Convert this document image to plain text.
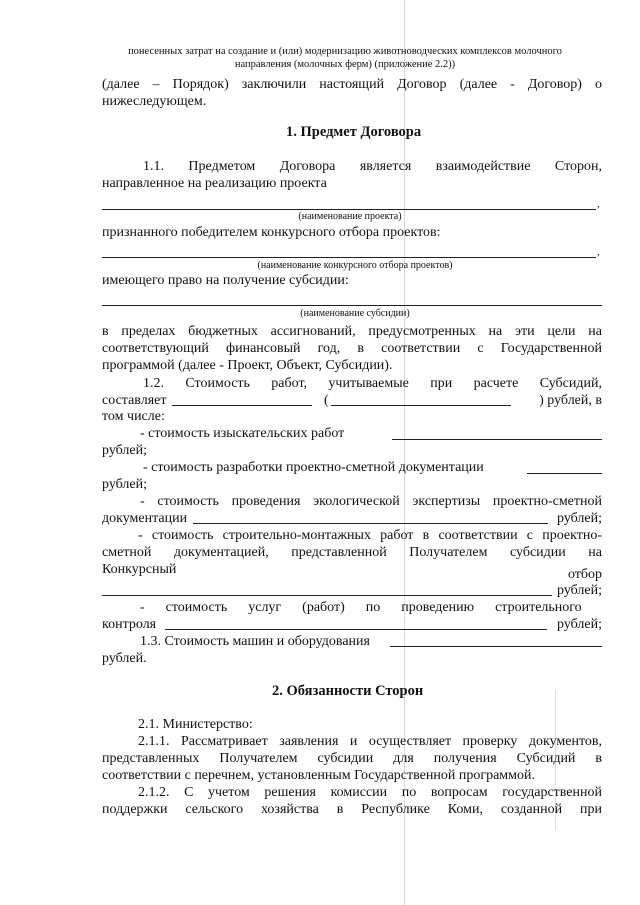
понесенных затрат на создание и (или) модернизацию животноводческих комплексов молочного
направления (молочных ферм) (приложение 2.2))
(далее – Порядок) заключили настоящий Договор (далее - Договор) о
нижеследующем.
1. Предмет Договора
1.1. Предметом Договора является взаимодействие Сторон,
направленное на реализацию проекта
,
(наименование проекта)
признанного победителем конкурсного отбора проектов:
,
(наименование конкурсного отбора проектов)
имеющего право на получение субсидии:
(наименование субсидии)
в пределах бюджетных ассигнований, предусмотренных на эти цели на
соответствующий финансовый год, в соответствии с Государственной
программой (далее - Проект, Объект, Субсидии).
1.2. Стоимость работ, учитываемые при расчете Субсидий,
составляет	(	) рублей, в
том числе:
- стоимость изыскательских работ
рублей;
- стоимость разработки проектно-сметной документации
рублей;
- стоимость проведения экологической экспертизы проектно-сметной
документации	рублей;
- стоимость строительно-монтажных работ в соответствии с проектно-
сметной документацией, представленной Получателем субсидии на
Конкурсный	отбор
рублей;
-      стоимость      услуг      (работ)      по      проведению      строительного
контроля	рублей;
1.3. Стоимость машин и оборудования
рублей.
2. Обязанности Сторон
2.1. Министерство:
2.1.1. Рассматривает заявления и осуществляет проверку документов,
представленных Получателем субсидии для получения Субсидий в
соответствии с перечнем, установленным Государственной программой.
2.1.2. С учетом решения комиссии по вопросам государственной
поддержки сельского хозяйства в Республике Коми, созданной при
